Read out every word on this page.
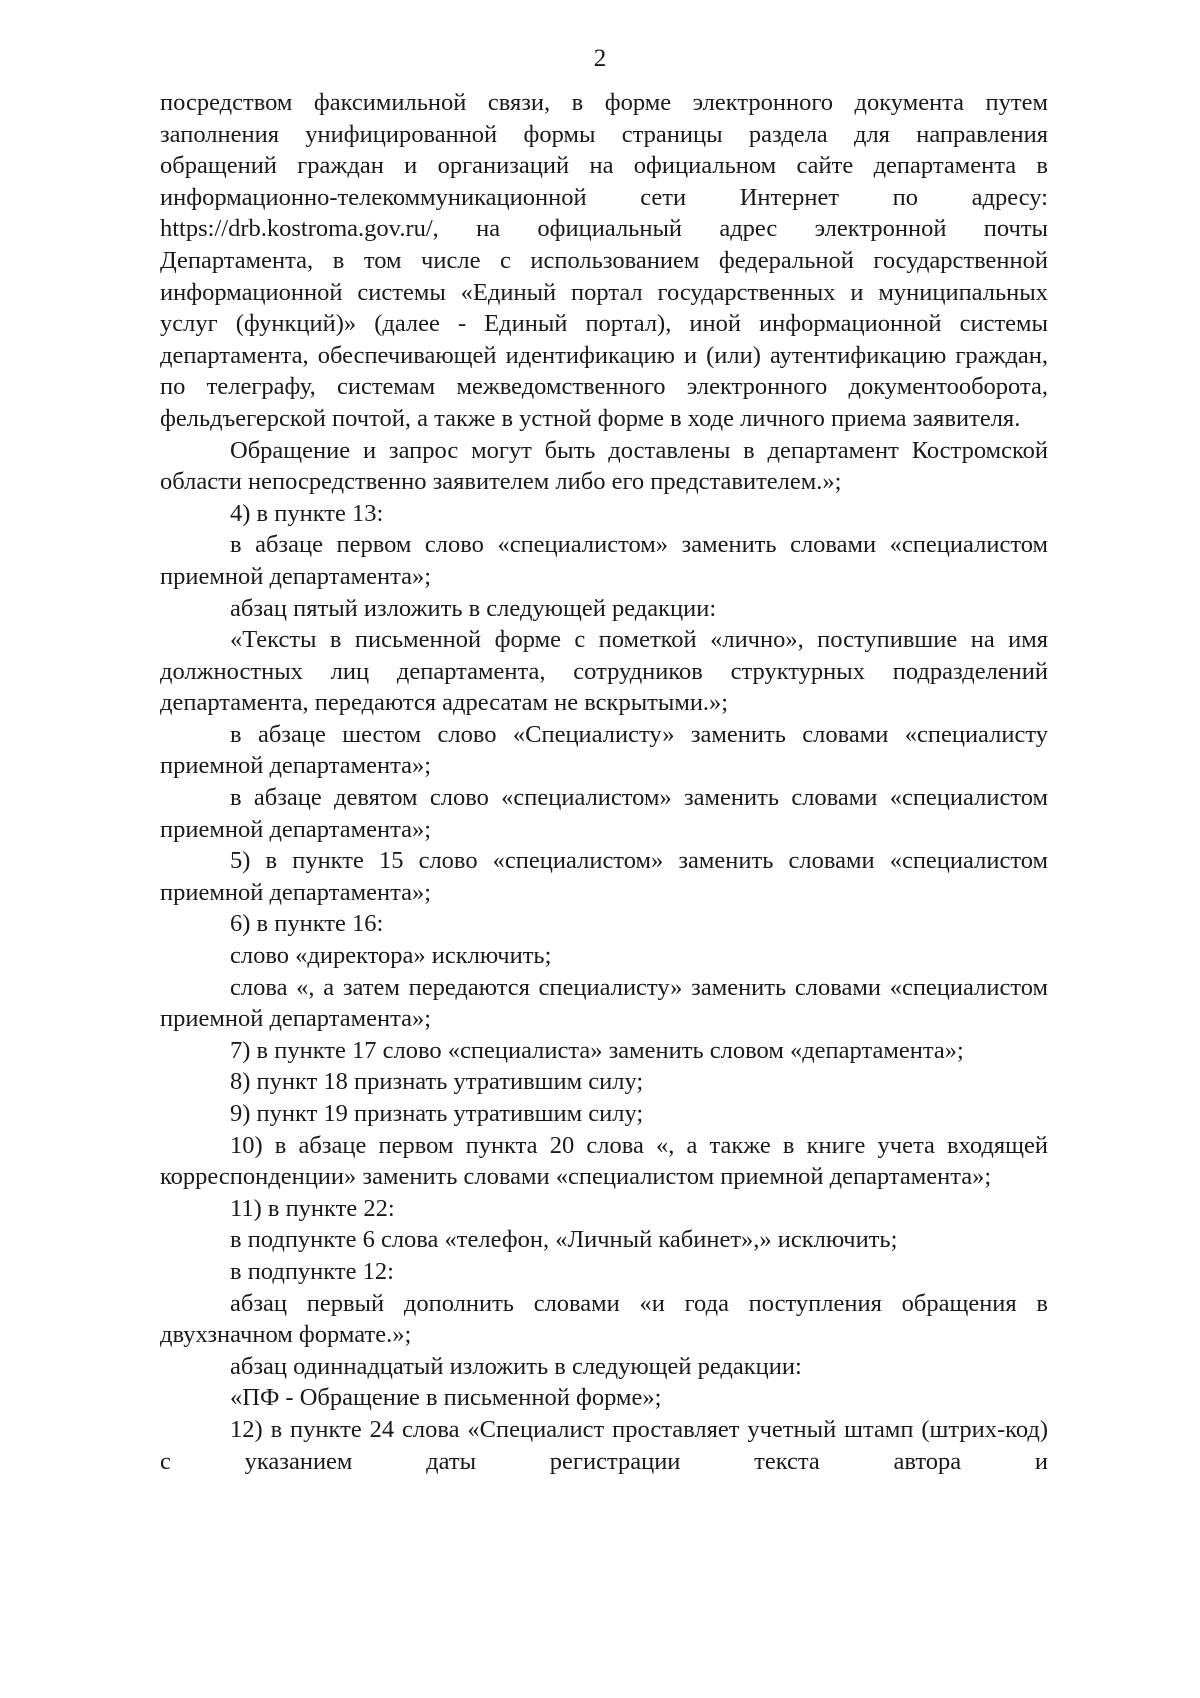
2

посредством факсимильной связи, в форме электронного документа путем заполнения унифицированной формы страницы раздела для направления обращений граждан и организаций на официальном сайте департамента в информационно-телекоммуникационной сети Интернет по адресу: https://drb.kostroma.gov.ru/, на официальный адрес электронной почты Департамента, в том числе с использованием федеральной государственной информационной системы «Единый портал государственных и муниципальных услуг (функций)» (далее - Единый портал), иной информационной системы департамента, обеспечивающей идентификацию и (или) аутентификацию граждан, по телеграфу, системам межведомственного электронного документооборота, фельдъегерской почтой, а также в устной форме в ходе личного приема заявителя.

Обращение и запрос могут быть доставлены в департамент Костромской области непосредственно заявителем либо его представителем.»;

4) в пункте 13:

в абзаце первом слово «специалистом» заменить словами «специалистом приемной департамента»;

абзац пятый изложить в следующей редакции:

«Тексты в письменной форме с пометкой «лично», поступившие на имя должностных лиц департамента, сотрудников структурных подразделений департамента, передаются адресатам не вскрытыми.»;

в абзаце шестом слово «Специалисту» заменить словами «специалисту приемной департамента»;

в абзаце девятом слово «специалистом» заменить словами «специалистом приемной департамента»;

5) в пункте 15 слово «специалистом» заменить словами «специалистом приемной департамента»;

6) в пункте 16:

слово «директора» исключить;

слова «, а затем передаются специалисту» заменить словами «специалистом приемной департамента»;

7) в пункте 17 слово «специалиста» заменить словом «департамента»;

8) пункт 18 признать утратившим силу;

9) пункт 19 признать утратившим силу;

10) в абзаце первом пункта 20 слова «, а также в книге учета входящей корреспонденции» заменить словами «специалистом приемной департамента»;

11) в пункте 22:

в подпункте 6 слова «телефон, «Личный кабинет»,» исключить;

в подпункте 12:

абзац первый дополнить словами «и года поступления обращения в двухзначном формате.»;

абзац одиннадцатый изложить в следующей редакции:

«ПФ - Обращение в письменной форме»;

12) в пункте 24 слова «Специалист проставляет учетный штамп (штрих-код) с указанием даты регистрации текста автора и
